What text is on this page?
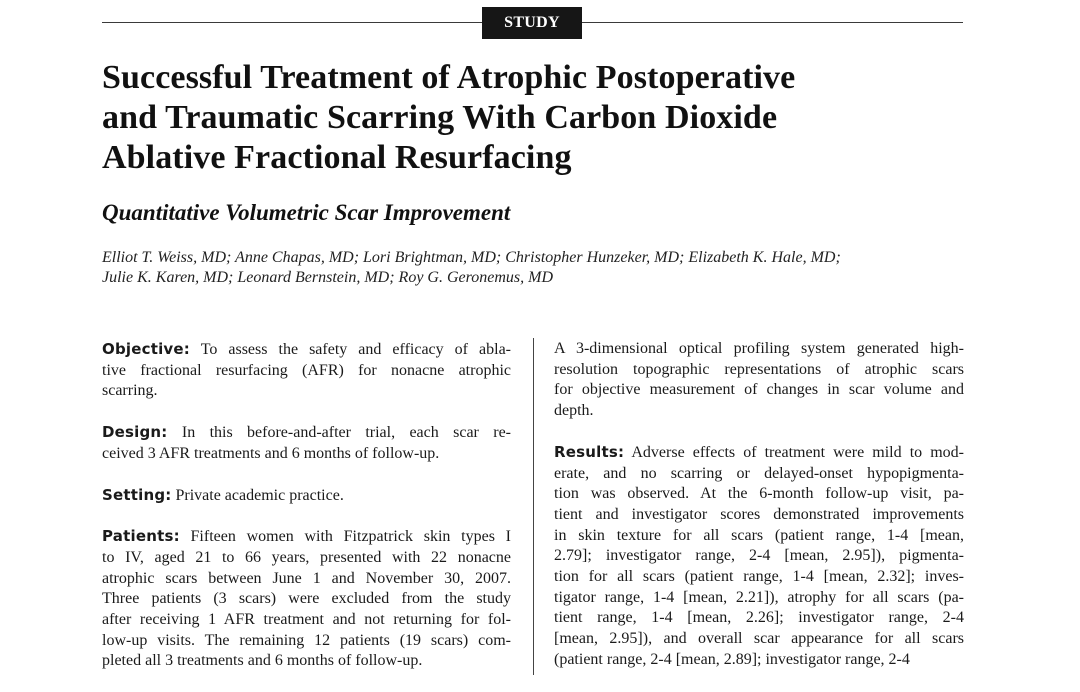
STUDY
Successful Treatment of Atrophic Postoperative
and Traumatic Scarring With Carbon Dioxide
Ablative Fractional Resurfacing
Quantitative Volumetric Scar Improvement
Elliot T. Weiss, MD; Anne Chapas, MD; Lori Brightman, MD; Christopher Hunzeker, MD; Elizabeth K. Hale, MD;
Julie K. Karen, MD; Leonard Bernstein, MD; Roy G. Geronemus, MD
Objective: To assess the safety and efficacy of abla-
tive fractional resurfacing (AFR) for nonacne atrophic
scarring.
Design: In this before-and-after trial, each scar re-
ceived 3 AFR treatments and 6 months of follow-up.
Setting: Private academic practice.
Patients: Fifteen women with Fitzpatrick skin types I
to IV, aged 21 to 66 years, presented with 22 nonacne
atrophic scars between June 1 and November 30, 2007.
Three patients (3 scars) were excluded from the study
after receiving 1 AFR treatment and not returning for fol-
low-up visits. The remaining 12 patients (19 scars) com-
pleted all 3 treatments and 6 months of follow-up.
A 3-dimensional optical profiling system generated high-
resolution topographic representations of atrophic scars
for objective measurement of changes in scar volume and
depth.
Results: Adverse effects of treatment were mild to mod-
erate, and no scarring or delayed-onset hypopigmenta-
tion was observed. At the 6-month follow-up visit, pa-
tient and investigator scores demonstrated improvements
in skin texture for all scars (patient range, 1-4 [mean,
2.79]; investigator range, 2-4 [mean, 2.95]), pigmenta-
tion for all scars (patient range, 1-4 [mean, 2.32]; inves-
tigator range, 1-4 [mean, 2.21]), atrophy for all scars (pa-
tient range, 1-4 [mean, 2.26]; investigator range, 2-4
[mean, 2.95]), and overall scar appearance for all scars
(patient range, 2-4 [mean, 2.89]; investigator range, 2-4
